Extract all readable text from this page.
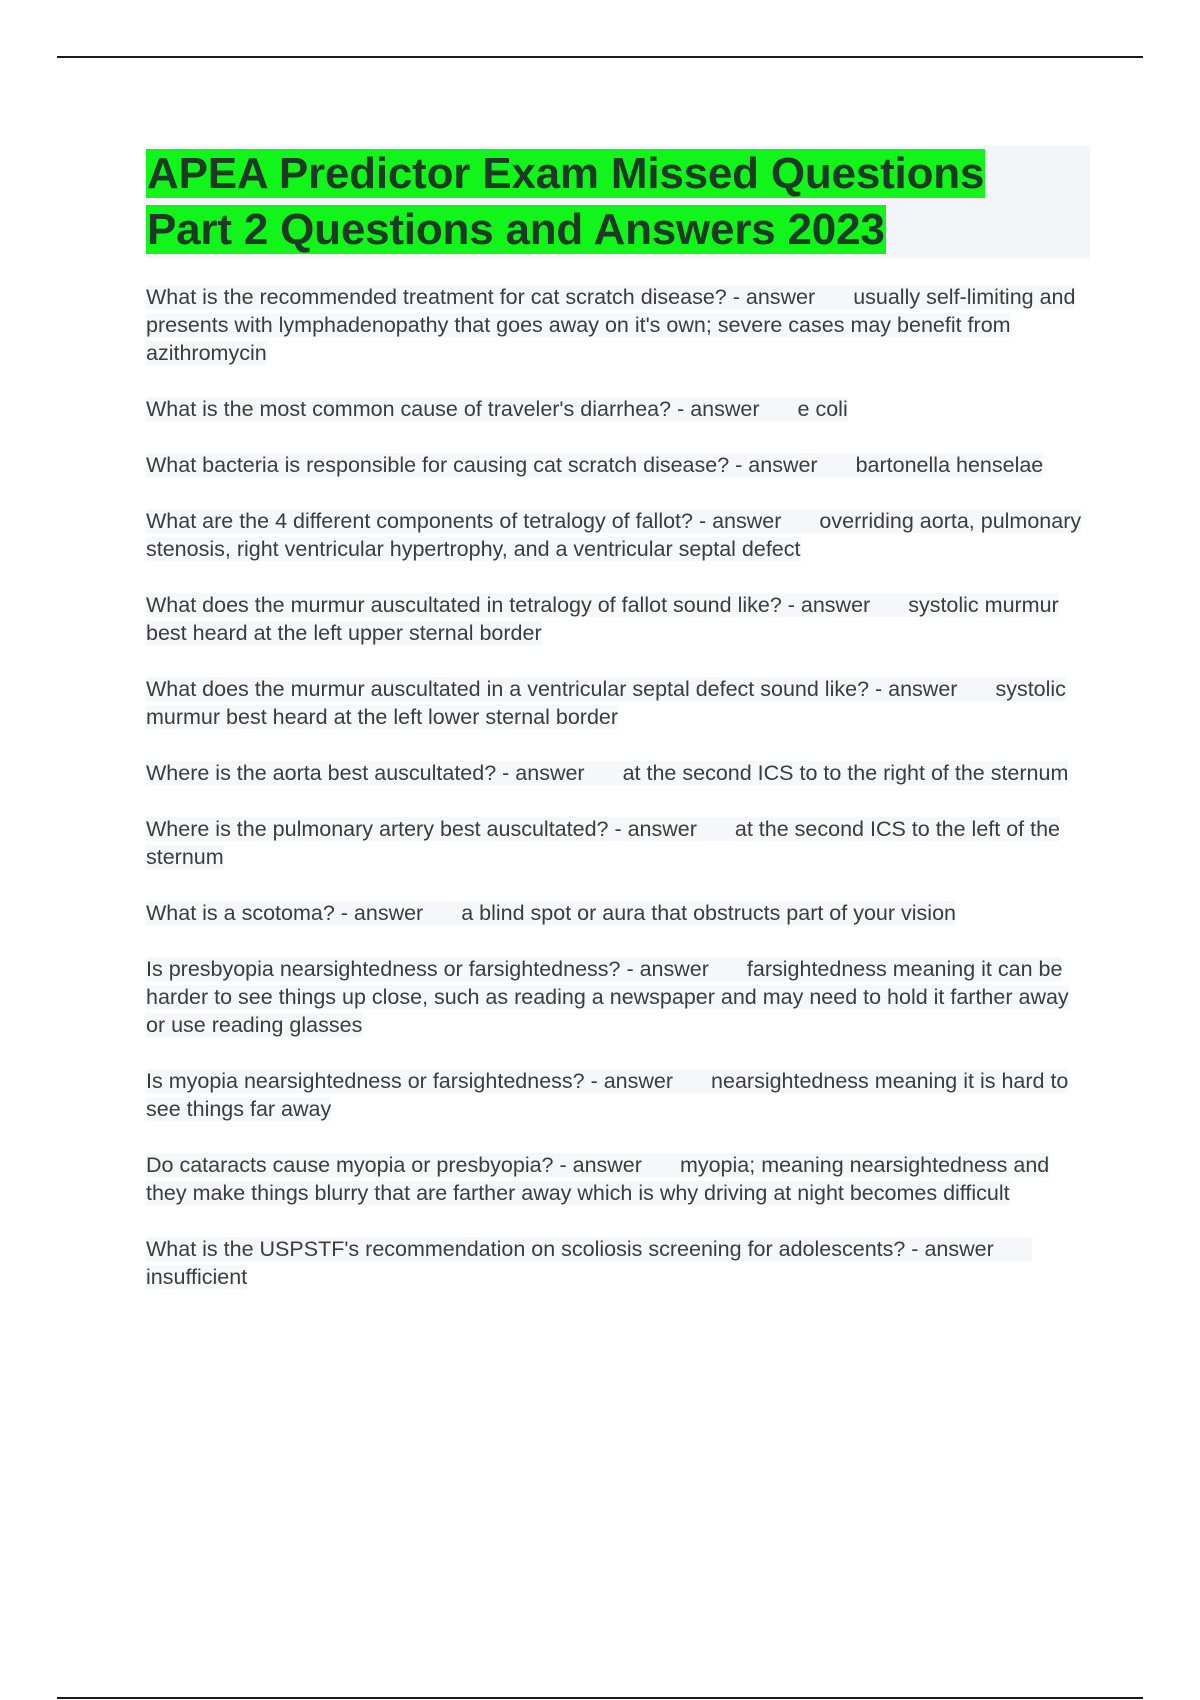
APEA Predictor Exam Missed Questions
Part 2 Questions and Answers 2023

What is the recommended treatment for cat scratch disease? - answer usually self-limiting and presents with lymphadenopathy that goes away on it's own; severe cases may benefit from azithromycin

What is the most common cause of traveler's diarrhea? - answer e coli

What bacteria is responsible for causing cat scratch disease? - answer bartonella henselae

What are the 4 different components of tetralogy of fallot? - answer overriding aorta, pulmonary stenosis, right ventricular hypertrophy, and a ventricular septal defect

What does the murmur auscultated in tetralogy of fallot sound like? - answer systolic murmur best heard at the left upper sternal border

What does the murmur auscultated in a ventricular septal defect sound like? - answer systolic murmur best heard at the left lower sternal border

Where is the aorta best auscultated? - answer at the second ICS to to the right of the sternum

Where is the pulmonary artery best auscultated? - answer at the second ICS to the left of the sternum

What is a scotoma? - answer a blind spot or aura that obstructs part of your vision

Is presbyopia nearsightedness or farsightedness? - answer farsightedness meaning it can be harder to see things up close, such as reading a newspaper and may need to hold it farther away or use reading glasses

Is myopia nearsightedness or farsightedness? - answer nearsightedness meaning it is hard to see things far away

Do cataracts cause myopia or presbyopia? - answer myopia; meaning nearsightedness and they make things blurry that are farther away which is why driving at night becomes difficult

What is the USPSTF's recommendation on scoliosis screening for adolescents? - answerinsufficient
